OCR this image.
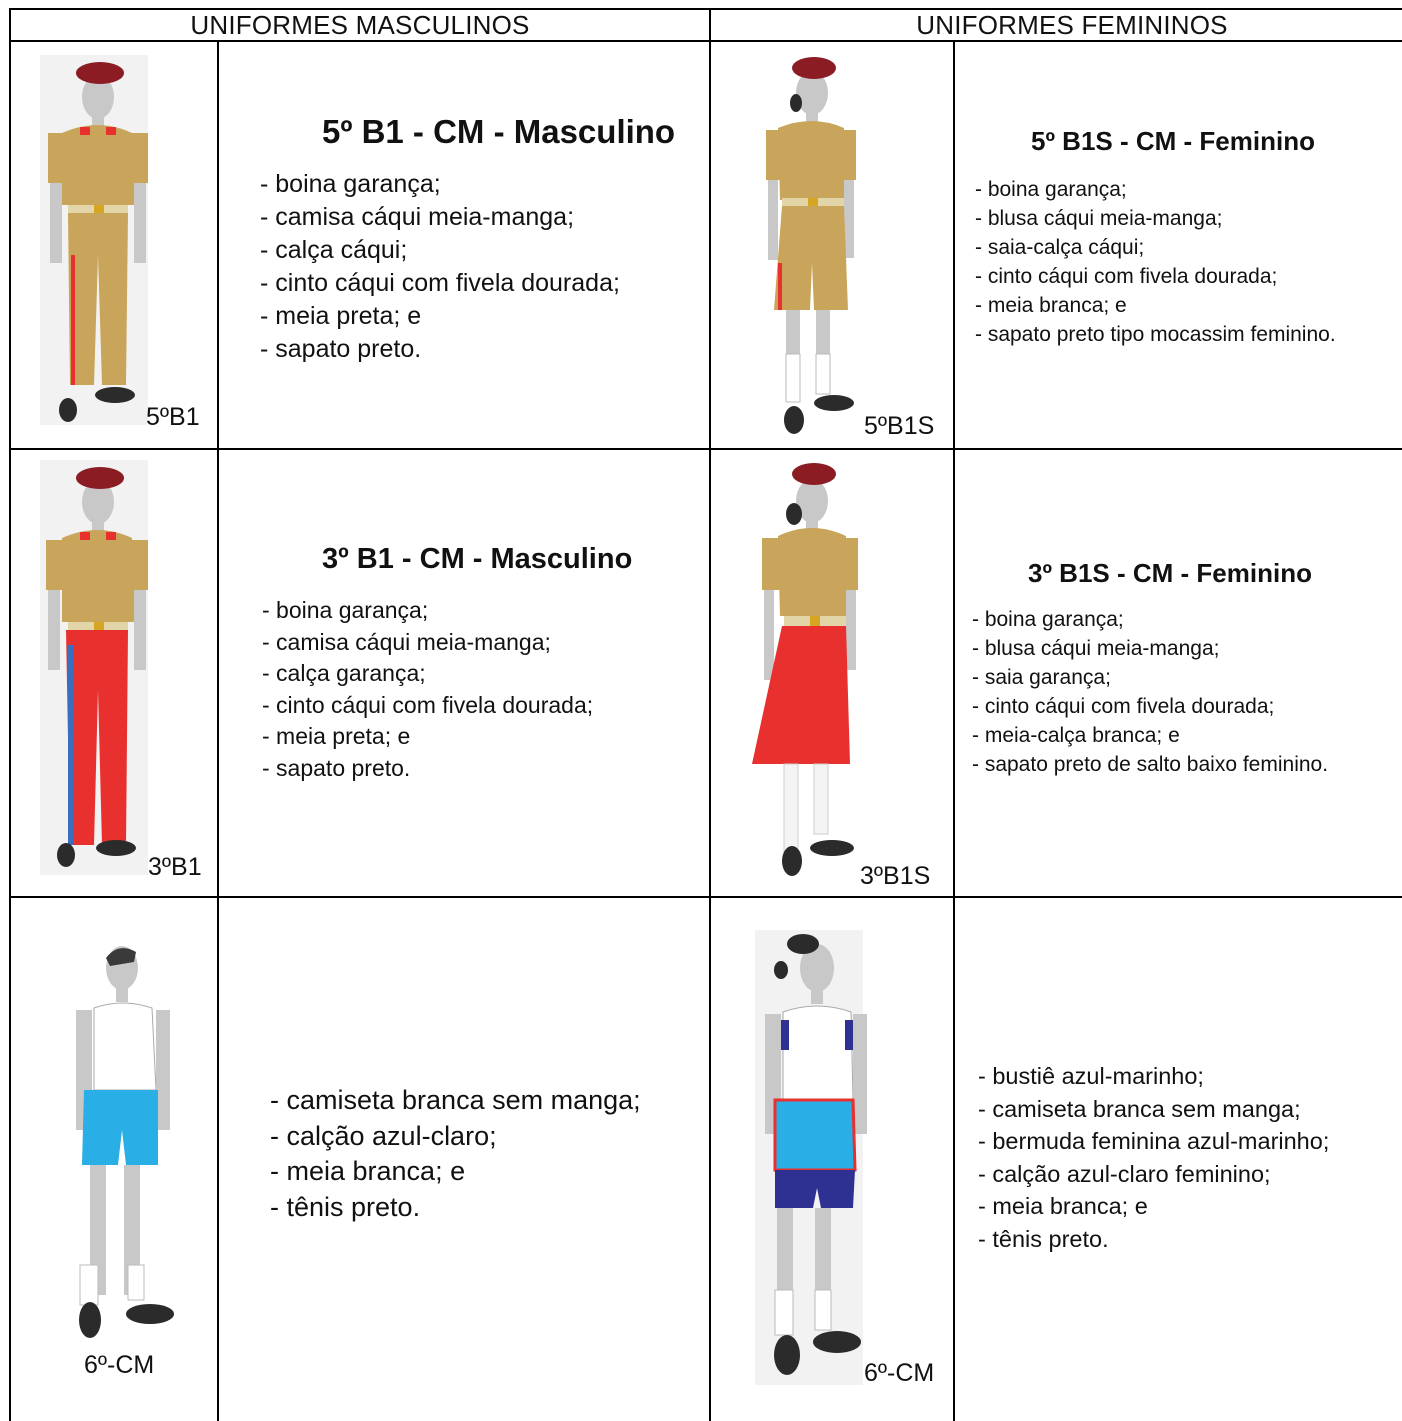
UNIFORMES MASCULINOS	UNIFORMES FEMININOS
5ºB1
5º B1 - CM - Masculino
- boina garança;
- camisa cáqui meia-manga;
- calça cáqui;
- cinto cáqui com fivela dourada;
- meia preta; e
- sapato preto.
5ºB1S
5º B1S - CM - Feminino
- boina garança;
- blusa cáqui meia-manga;
- saia-calça cáqui;
- cinto cáqui com fivela dourada;
- meia branca; e
- sapato preto tipo mocassim feminino.
3ºB1
3º B1 - CM - Masculino
- boina garança;
- camisa cáqui meia-manga;
- calça garança;
- cinto cáqui com fivela dourada;
- meia preta; e
- sapato preto.
3ºB1S
3º B1S - CM - Feminino
- boina garança;
- blusa cáqui meia-manga;
- saia garança;
- cinto cáqui com fivela dourada;
- meia-calça branca; e
- sapato preto de salto baixo feminino.
6º-CM
- camiseta branca sem manga;
- calção azul-claro;
- meia branca; e
- tênis preto.
6º-CM
- bustiê azul-marinho;
- camiseta branca sem manga;
- bermuda feminina azul-marinho;
- calção azul-claro feminino;
- meia branca; e
- tênis preto.
